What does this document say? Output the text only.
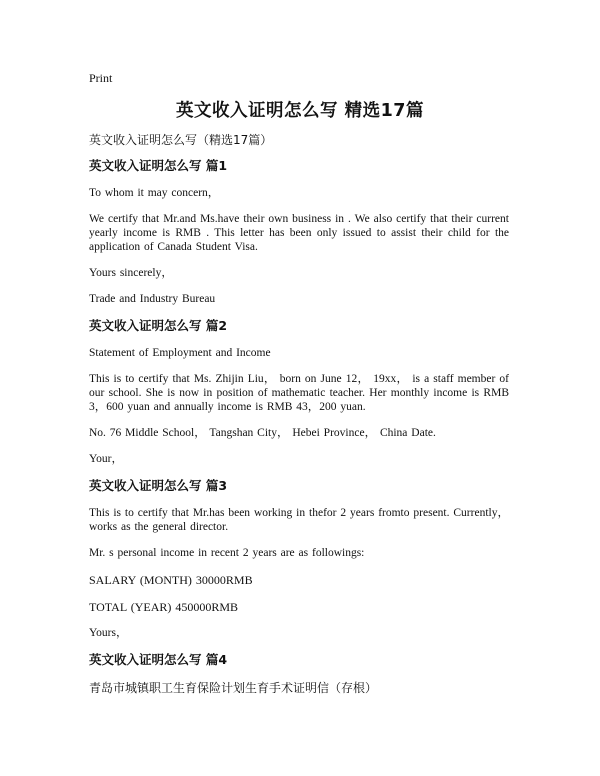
Print
英文收入证明怎么写 精选17篇
英文收入证明怎么写（精选17篇）
英文收入证明怎么写 篇1

To whom it may concern，

We certify that Mr.and Ms.have their own business in . We also certify that their current yearly income is RMB . This letter has been only issued to assist their child for the application of Canada Student Visa.

Yours sincerely，

Trade and Industry Bureau

英文收入证明怎么写 篇2

Statement of Employment and Income

This is to certify that Ms. Zhijin Liu， born on June 12， 19xx， is a staff member of our school. She is now in position of mathematic teacher. Her monthly income is RMB 3，600 yuan and annually income is RMB 43，200 yuan.

No. 76 Middle School， Tangshan City， Hebei Province， China Date.

Your，

英文收入证明怎么写 篇3

This is to certify that Mr.has been working in thefor 2 years fromto present. Currently，works as the general director.

Mr. s personal income in recent 2 years are as followings:

SALARY (MONTH) 30000RMB

TOTAL (YEAR) 450000RMB

Yours，

英文收入证明怎么写 篇4

青岛市城镇职工生育保险计划生育手术证明信（存根）
